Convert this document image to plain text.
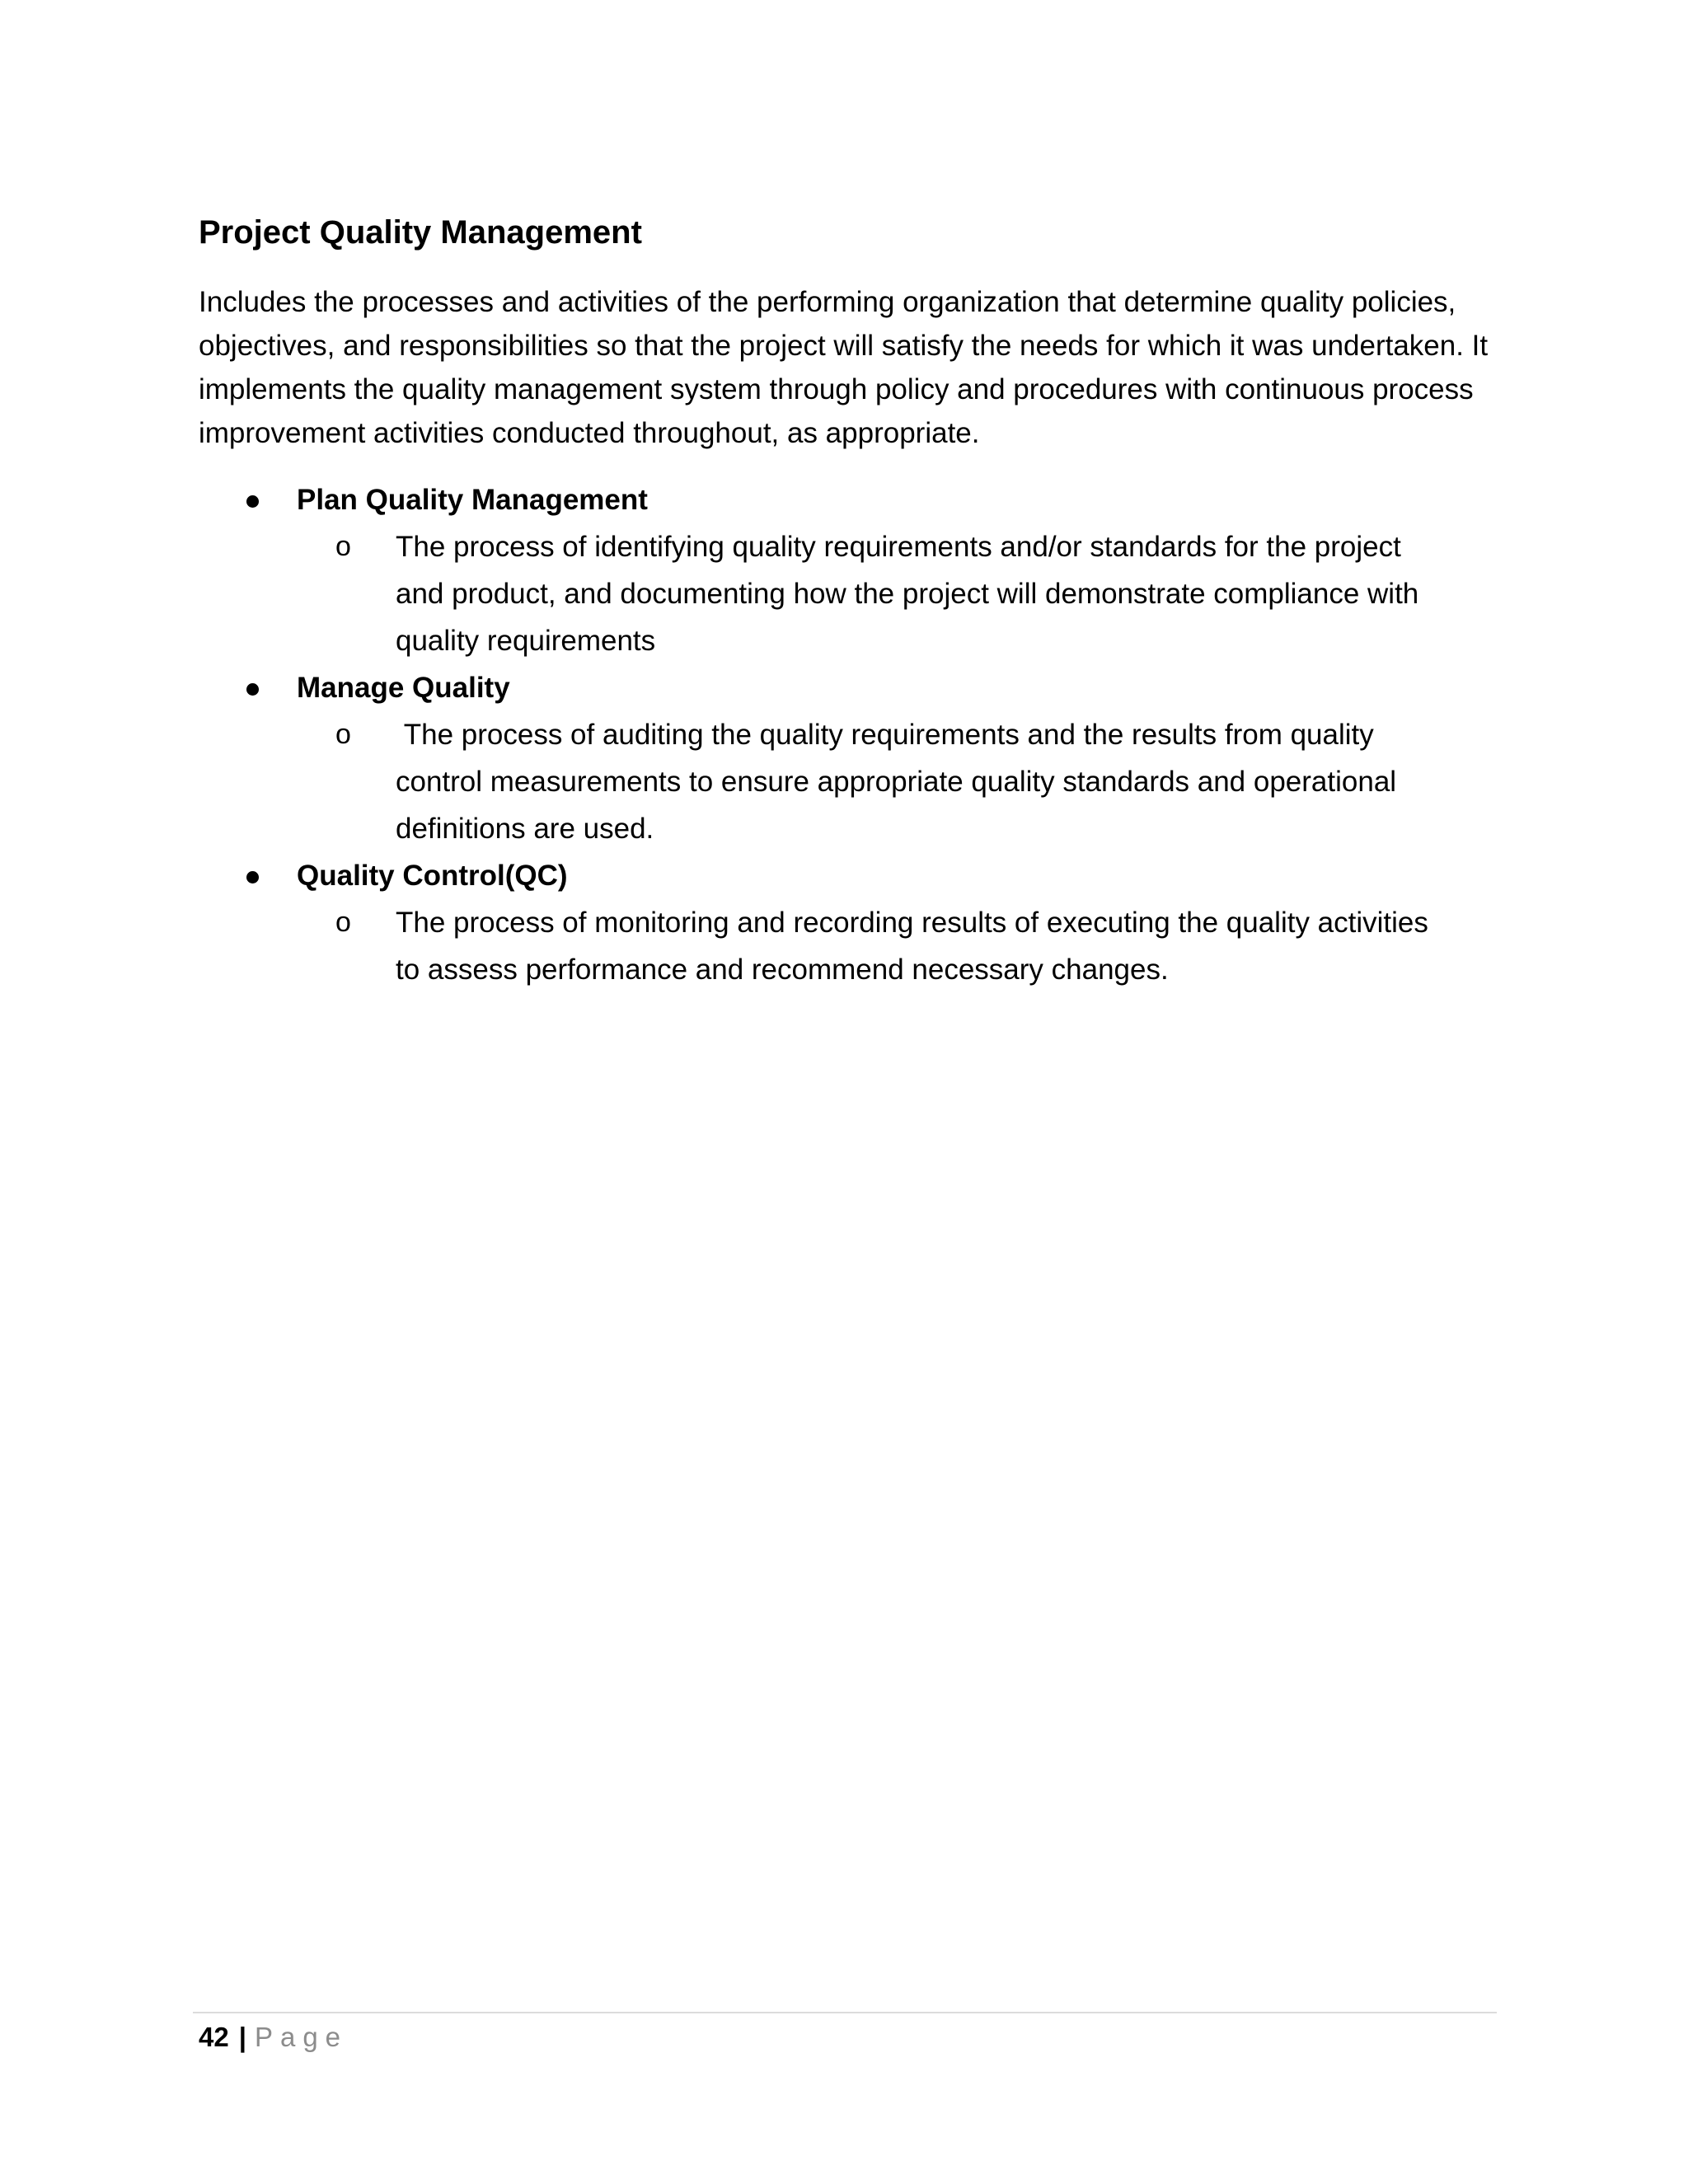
Project Quality Management

Includes the processes and activities of the performing organization that determine quality policies, objectives, and responsibilities so that the project will satisfy the needs for which it was undertaken. It implements the quality management system through policy and procedures with continuous process improvement activities conducted throughout, as appropriate.

Plan Quality Management
o The process of identifying quality requirements and/or standards for the project and product, and documenting how the project will demonstrate compliance with quality requirements
Manage Quality
o The process of auditing the quality requirements and the results from quality control measurements to ensure appropriate quality standards and operational definitions are used.
Quality Control(QC)
o The process of monitoring and recording results of executing the quality activities to assess performance and recommend necessary changes.
42 | Page
